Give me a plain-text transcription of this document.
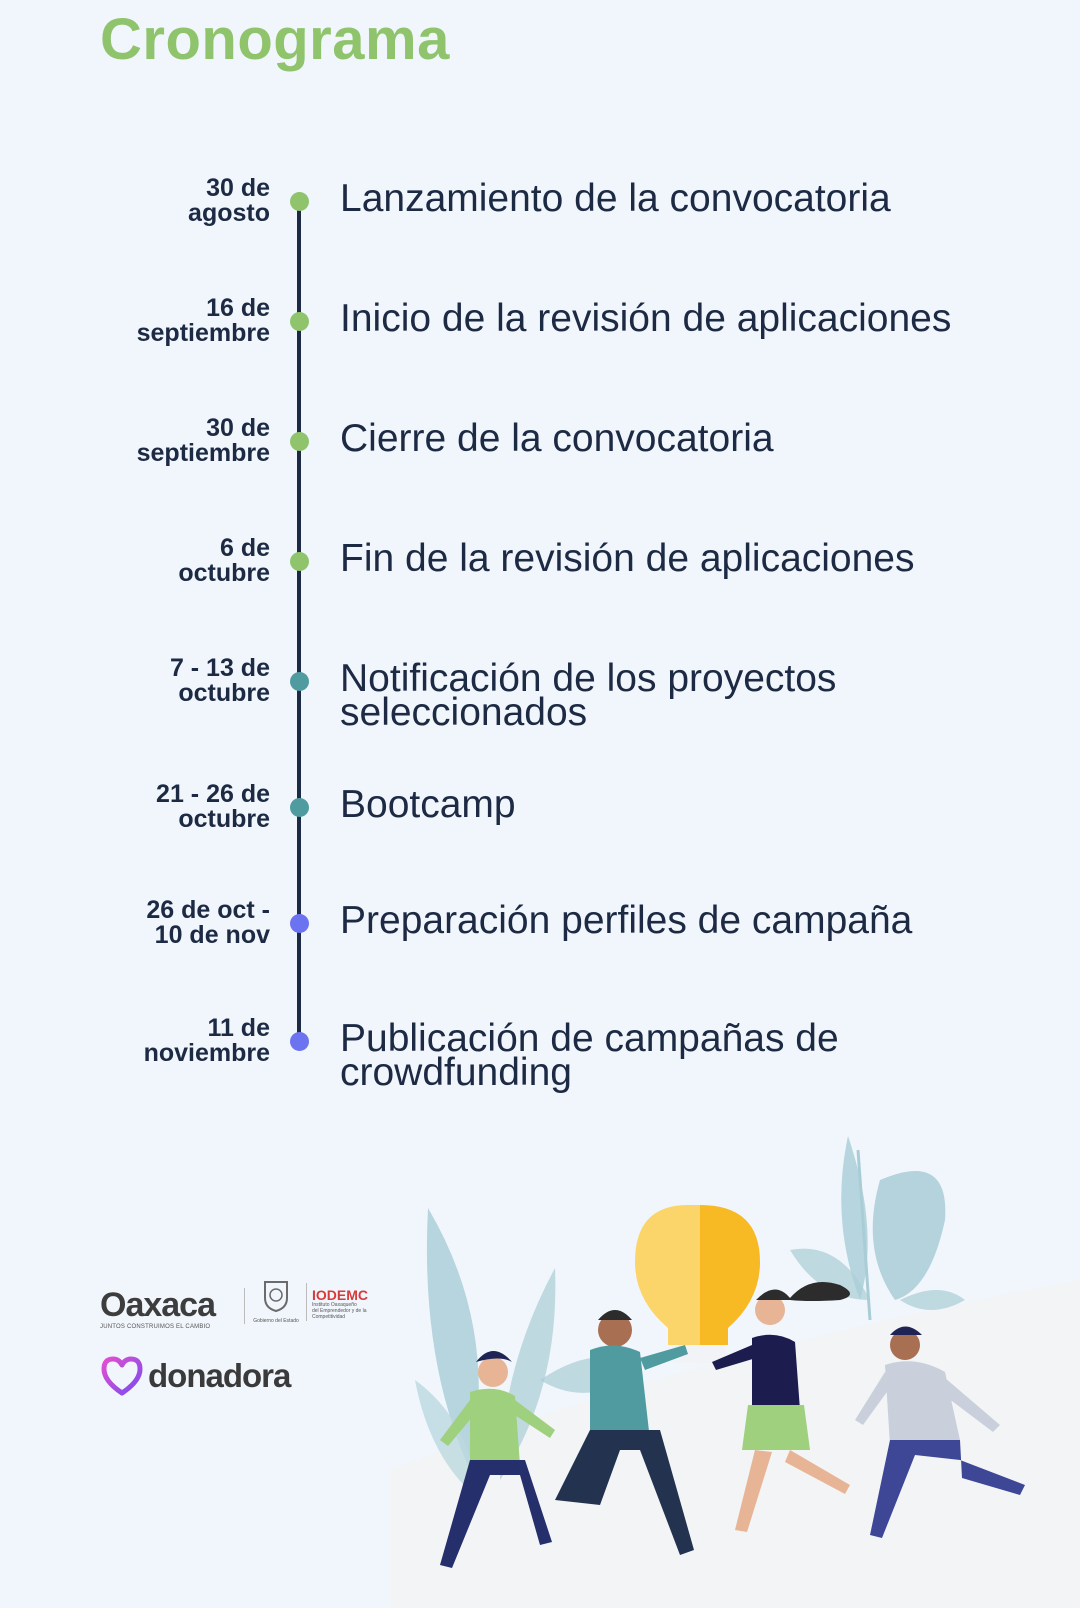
Cronograma
30 de
agosto Lanzamiento de la convocatoria
16 de
septiembre Inicio de la revisión de aplicaciones
30 de
septiembre Cierre de la convocatoria
6 de
octubre Fin de la revisión de aplicaciones
7 - 13 de
octubre Notificación de los proyectos
seleccionados
21 - 26 de
octubre Bootcamp
26 de oct -
10 de nov Preparación perfiles de campaña
11 de
noviembre Publicación de campañas de
crowdfunding
Oaxaca
JUNTOS CONSTRUIMOS EL CAMBIO
Gobierno del Estado
IODEMC
Instituto Oaxaqueño
del Emprendedor y de la
Competitividad
donadora
